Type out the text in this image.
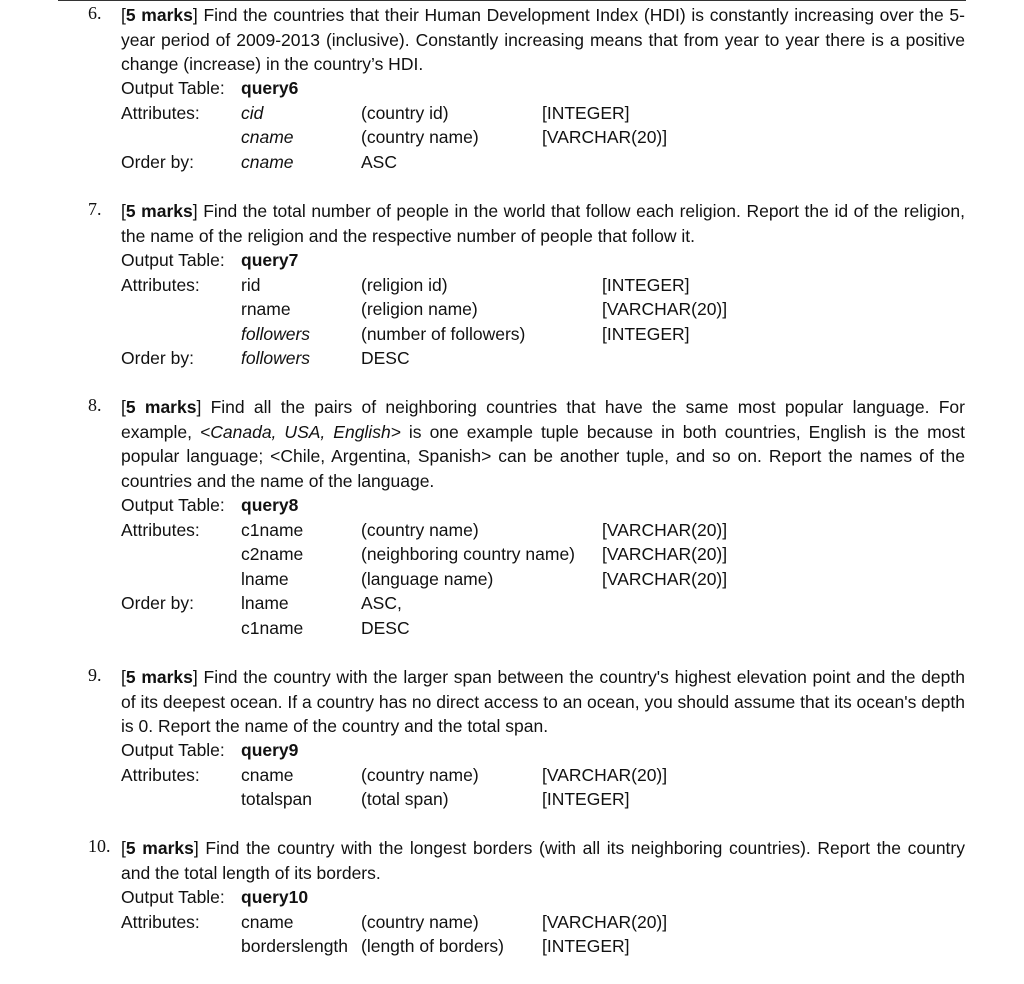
6. [5 marks] Find the countries that their Human Development Index (HDI) is constantly increasing over the 5-year period of 2009-2013 (inclusive). Constantly increasing means that from year to year there is a positive change (increase) in the country’s HDI.

Output Table: query6
Attributes: cid	(country id)	[INTEGER]
cname	(country name)	[VARCHAR(20)]
Order by:	cname	ASC
7. [5 marks] Find the total number of people in the world that follow each religion. Report the id of the religion, the name of the religion and the respective number of people that follow it.

Output Table: query7
Attributes: rid	(religion id)	[INTEGER]
rname	(religion name)	[VARCHAR(20)]
followers	(number of followers)	[INTEGER]
Order by:	followers	DESC
8. [5 marks] Find all the pairs of neighboring countries that have the same most popular language. For example, <Canada, USA, English> is one example tuple because in both countries, English is the most popular language; <Chile, Argentina, Spanish> can be another tuple, and so on. Report the names of the countries and the name of the language.

Output Table: query8
Attributes: c1name	(country name)	[VARCHAR(20)]
c2name	(neighboring country name) [VARCHAR(20)]
lname	(language name)	[VARCHAR(20)]
Order by:	lname	ASC,
c1name	DESC
9. [5 marks] Find the country with the larger span between the country's highest elevation point and the depth of its deepest ocean. If a country has no direct access to an ocean, you should assume that its ocean's depth is 0. Report the name of the country and the total span.

Output Table: query9
Attributes: cname	(country name)	[VARCHAR(20)]
totalspan	(total span)	[INTEGER]
10. [5 marks] Find the country with the longest borders (with all its neighboring countries). Report the country and the total length of its borders.

Output Table: query10
Attributes: cname	(country name)	[VARCHAR(20)]
borderslength (length of borders) [INTEGER]
